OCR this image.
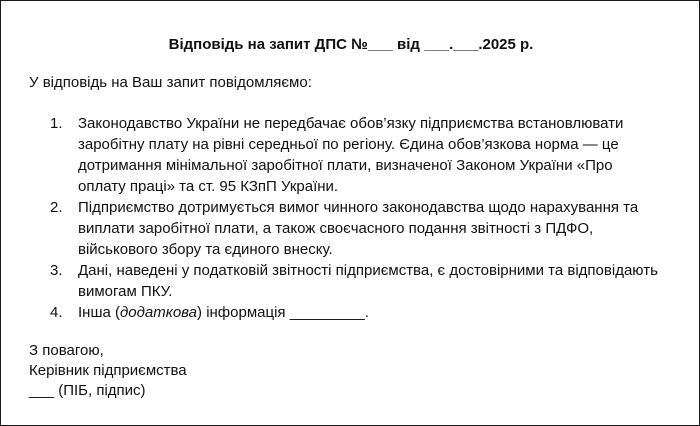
Відповідь на запит ДПС №___ від ___.___.2025 р.
У відповідь на Ваш запит повідомляємо:
1. Законодавство України не передбачає обов’язку підприємства встановлювати
заробітну плату на рівні середньої по регіону. Єдина обов’язкова норма — це
дотримання мінімальної заробітної плати, визначеної Законом України «Про
оплату праці» та ст. 95 КЗпП України.
2. Підприємство дотримується вимог чинного законодавства щодо нарахування та
виплати заробітної плати, а також своєчасного подання звітності з ПДФО,
військового збору та єдиного внеску.
3. Дані, наведені у податковій звітності підприємства, є достовірними та відповідають
вимогам ПКУ.
4. Інша (додаткова) інформація _________.
З повагою,
Керівник підприємства
___ (ПІБ, підпис)
